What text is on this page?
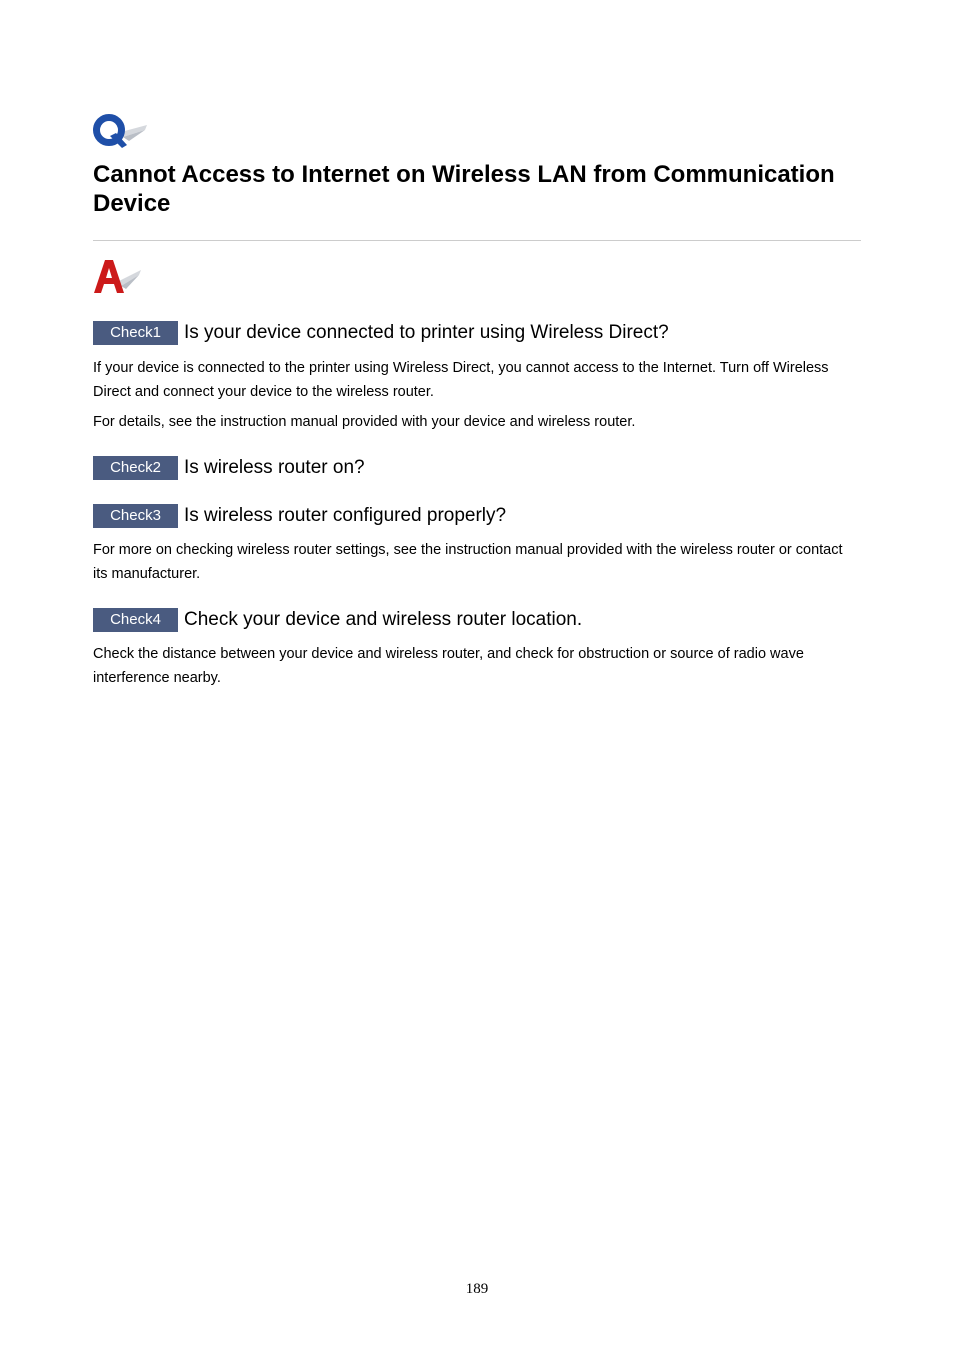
Cannot Access to Internet on Wireless LAN from Communication Device
Check1	Is your device connected to printer using Wireless Direct?

If your device is connected to the printer using Wireless Direct, you cannot access to the Internet. Turn off Wireless Direct and connect your device to the wireless router.

For details, see the instruction manual provided with your device and wireless router.

Check2	Is wireless router on?
Check3	Is wireless router configured properly?

For more on checking wireless router settings, see the instruction manual provided with the wireless router or contact its manufacturer.

Check4	Check your device and wireless router location.

Check the distance between your device and wireless router, and check for obstruction or source of radio wave interference nearby.

189
